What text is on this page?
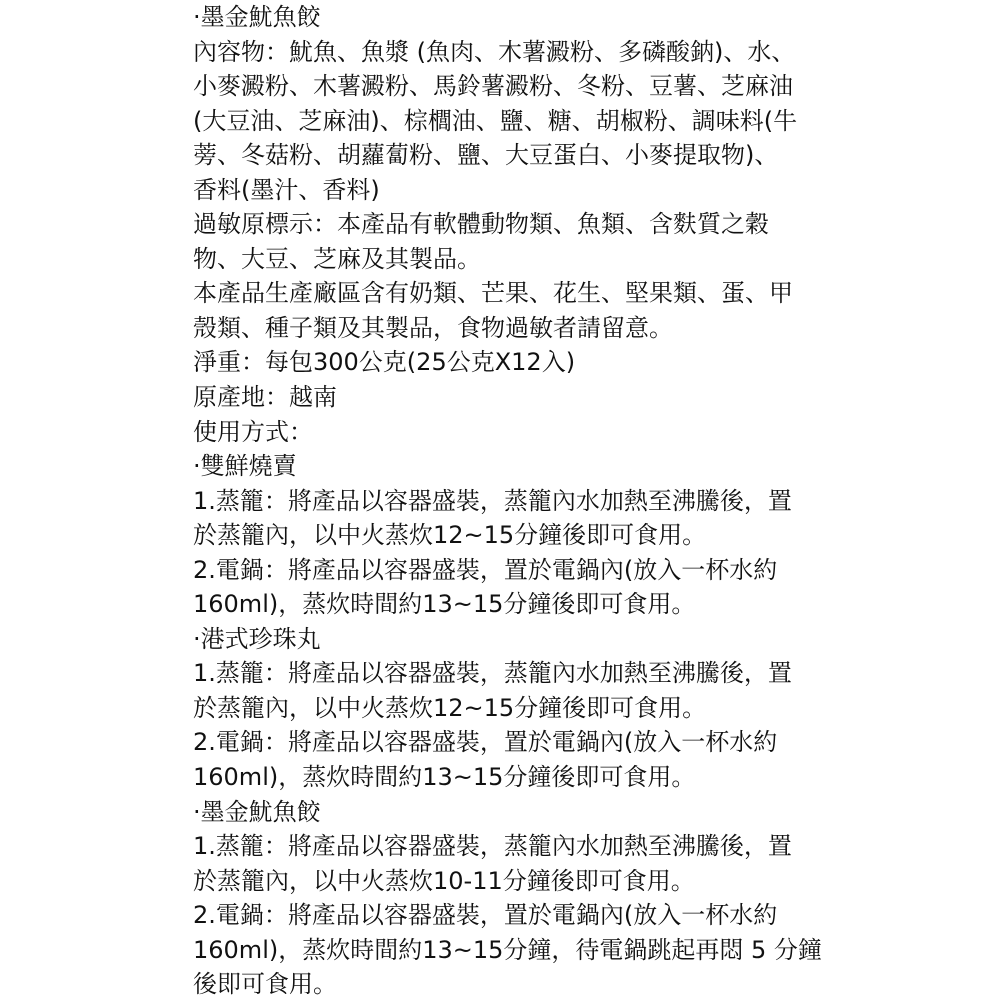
·墨金魷魚餃
內容物：魷魚、魚漿 (魚肉、木薯澱粉、多磷酸鈉)、水、
小麥澱粉、木薯澱粉、馬鈴薯澱粉、冬粉、豆薯、芝麻油
(大豆油、芝麻油)、棕櫚油、鹽、糖、胡椒粉、調味料(牛
蒡、冬菇粉、胡蘿蔔粉、鹽、大豆蛋白、小麥提取物)、
香料(墨汁、香料)
過敏原標示：本產品有軟體動物類、魚類、含麩質之穀
物、大豆、芝麻及其製品。
本產品生產廠區含有奶類、芒果、花生、堅果類、蛋、甲
殼類、種子類及其製品，食物過敏者請留意。
淨重：每包300公克(25公克X12入)
原產地：越南
使用方式：
·雙鮮燒賣
1.蒸籠：將產品以容器盛裝，蒸籠內水加熱至沸騰後，置
於蒸籠內，以中火蒸炊12~15分鐘後即可食用。
2.電鍋：將產品以容器盛裝，置於電鍋內(放入一杯水約
160ml)，蒸炊時間約13~15分鐘後即可食用。
·港式珍珠丸
1.蒸籠：將產品以容器盛裝，蒸籠內水加熱至沸騰後，置
於蒸籠內，以中火蒸炊12~15分鐘後即可食用。
2.電鍋：將產品以容器盛裝，置於電鍋內(放入一杯水約
160ml)，蒸炊時間約13~15分鐘後即可食用。
·墨金魷魚餃
1.蒸籠：將產品以容器盛裝，蒸籠內水加熱至沸騰後，置
於蒸籠內，以中火蒸炊10-11分鐘後即可食用。
2.電鍋：將產品以容器盛裝，置於電鍋內(放入一杯水約
160ml)，蒸炊時間約13~15分鐘，待電鍋跳起再悶 5 分鐘
後即可食用。
